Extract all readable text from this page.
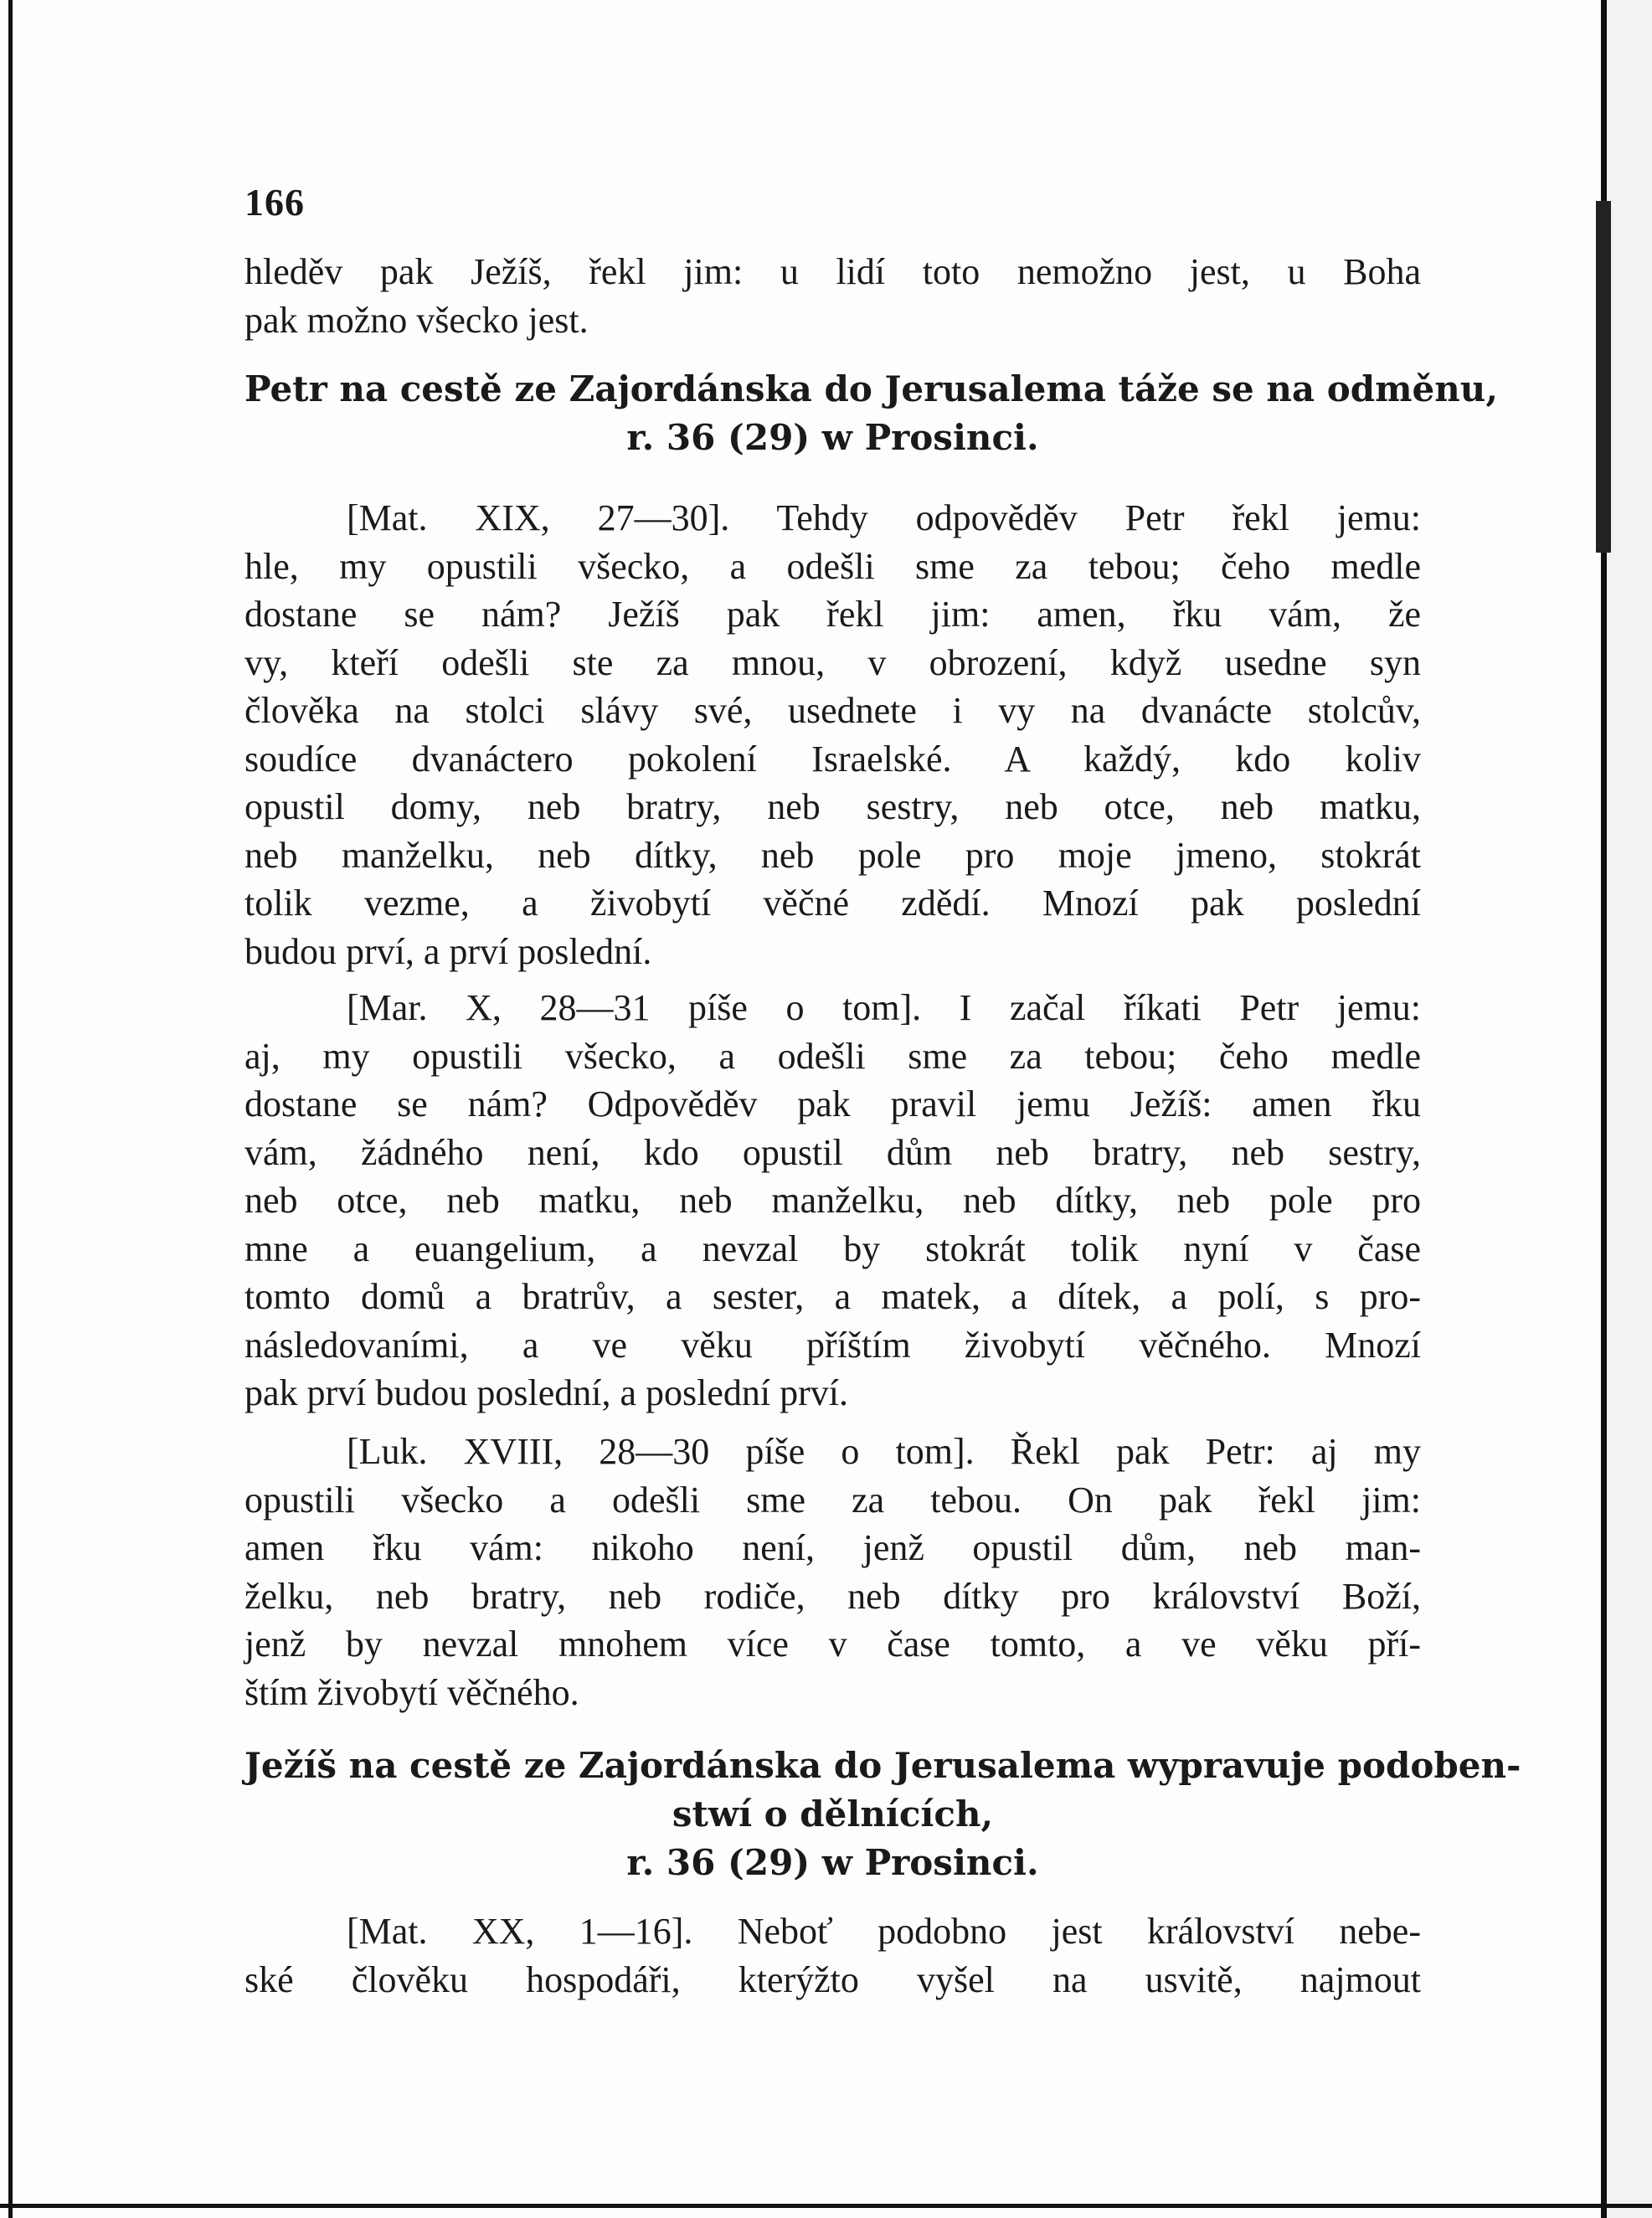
166
hleděv pak Ježíš, řekl jim: u lidí toto nemožno jest, u Boha
pak možno všecko jest.
Petr na cestě ze Zajordánska do Jerusalema táže se na odměnu,
r. 36 (29) w Prosinci.
[Mat. XIX, 27—30]. Tehdy odpověděv Petr řekl jemu:
hle, my opustili všecko, a odešli sme za tebou; čeho medle
dostane se nám? Ježíš pak řekl jim: amen, řku vám, že
vy, kteří odešli ste za mnou, v obrození, když usedne syn
člověka na stolci slávy své, usednete i vy na dvanácte stolcův,
soudíce dvanáctero pokolení Israelské. A každý, kdo koliv
opustil domy, neb bratry, neb sestry, neb otce, neb matku,
neb manželku, neb dítky, neb pole pro moje jmeno, stokrát
tolik vezme, a živobytí věčné zdědí. Mnozí pak poslední
budou prví, a prví poslední.
[Mar. X, 28—31 píše o tom]. I začal říkati Petr jemu:
aj, my opustili všecko, a odešli sme za tebou; čeho medle
dostane se nám? Odpověděv pak pravil jemu Ježíš: amen řku
vám, žádného není, kdo opustil dům neb bratry, neb sestry,
neb otce, neb matku, neb manželku, neb dítky, neb pole pro
mne a euangelium, a nevzal by stokrát tolik nyní v čase
tomto domů a bratrův, a sester, a matek, a dítek, a polí, s pro-
následovaními, a ve věku příštím živobytí věčného. Mnozí
pak prví budou poslední, a poslední prví.
[Luk. XVIII, 28—30 píše o tom]. Řekl pak Petr: aj my
opustili všecko a odešli sme za tebou. On pak řekl jim:
amen řku vám: nikoho není, jenž opustil dům, neb man-
želku, neb bratry, neb rodiče, neb dítky pro království Boží,
jenž by nevzal mnohem více v čase tomto, a ve věku pří-
štím živobytí věčného.
Ježíš na cestě ze Zajordánska do Jerusalema wypravuje podoben-
stwí o dělnících,
r. 36 (29) w Prosinci.
[Mat. XX, 1—16]. Neboť podobno jest království nebe-
ské člověku hospodáři, kterýžto vyšel na usvitě, najmout
